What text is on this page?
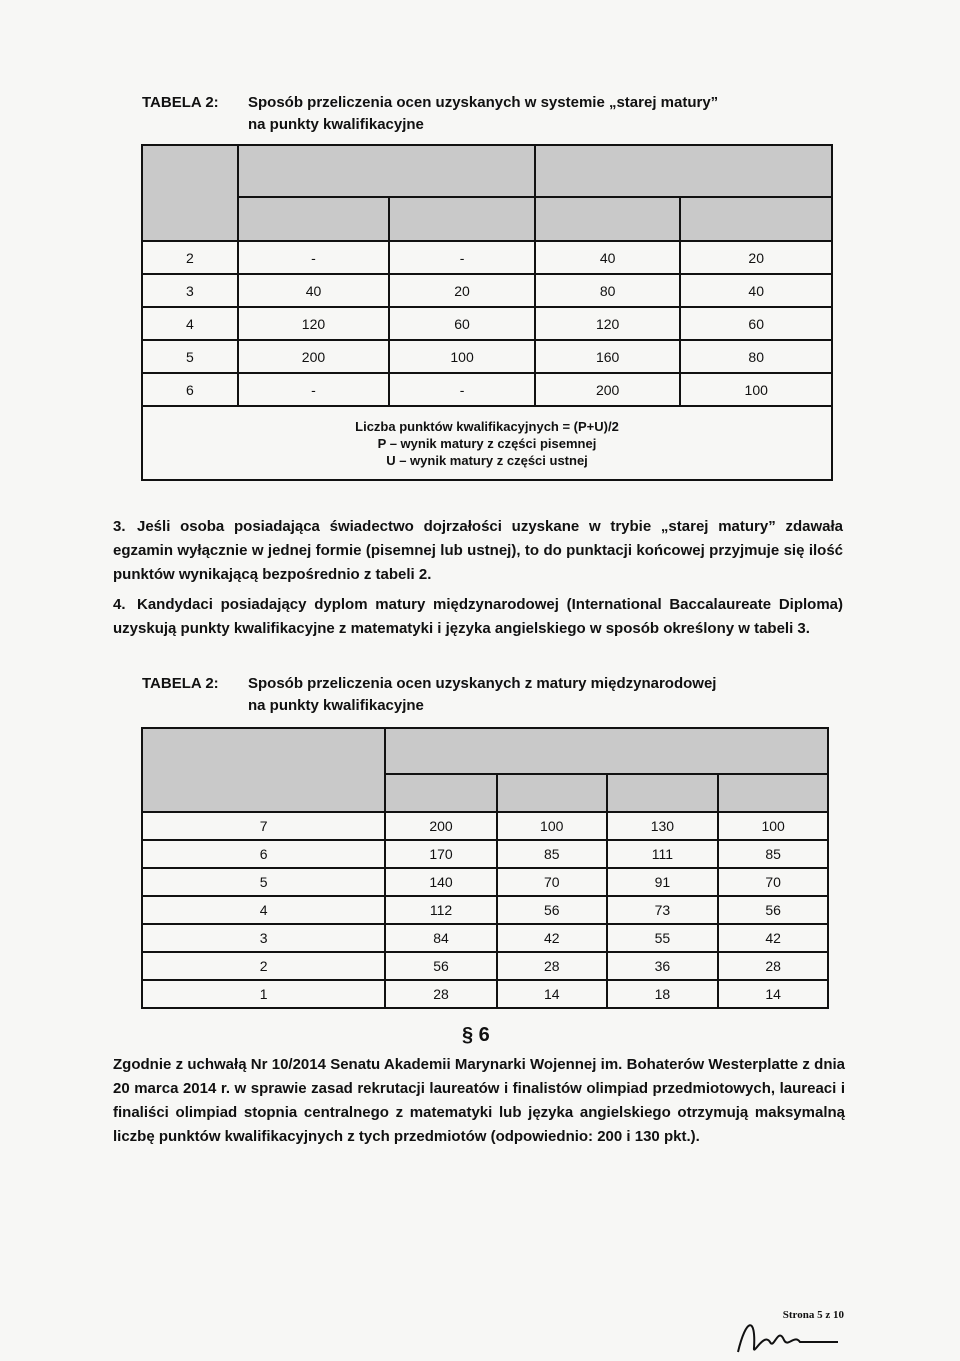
TABELA 2: Sposób przeliczenia ocen uzyskanych w systemie „starej matury”
na punkty kwalifikacyjne

2	-	-	40	20
3	40	20	80	40
4	120	60	120	60
5	200	100	160	80
6	-	-	200	100

Liczba punktów kwalifikacyjnych = (P+U)/2
P – wynik matury z części pisemnej
U – wynik matury z części ustnej				
3. Jeśli osoba posiadająca świadectwo dojrzałości uzyskane w trybie „starej matury” zdawała egzamin wyłącznie w jednej formie (pisemnej lub ustnej), to do punktacji końcowej przyjmuje się ilość punktów wynikającą bezpośrednio z tabeli 2.
4. Kandydaci posiadający dyplom matury międzynarodowej (International Baccalaureate Diploma) uzyskują punkty kwalifikacyjne z matematyki i języka angielskiego w sposób określony w tabeli 3.
TABELA 2: Sposób przeliczenia ocen uzyskanych z matury międzynarodowej
na punkty kwalifikacyjne

7	200	100	130	100
6	170	85	111	85
5	140	70	91	70
4	112	56	73	56
3	84	42	55	42
2	56	28	36	28
1	28	14	18	14
§ 6
Zgodnie z uchwałą Nr 10/2014 Senatu Akademii Marynarki Wojennej im. Bohaterów Westerplatte z dnia 20 marca 2014 r. w sprawie zasad rekrutacji laureatów i finalistów olimpiad przedmiotowych, laureaci i finaliści olimpiad stopnia centralnego z matematyki lub języka angielskiego otrzymują maksymalną liczbę punktów kwalifikacyjnych z tych przedmiotów (odpowiednio: 200 i 130 pkt.).
Strona 5 z 10
